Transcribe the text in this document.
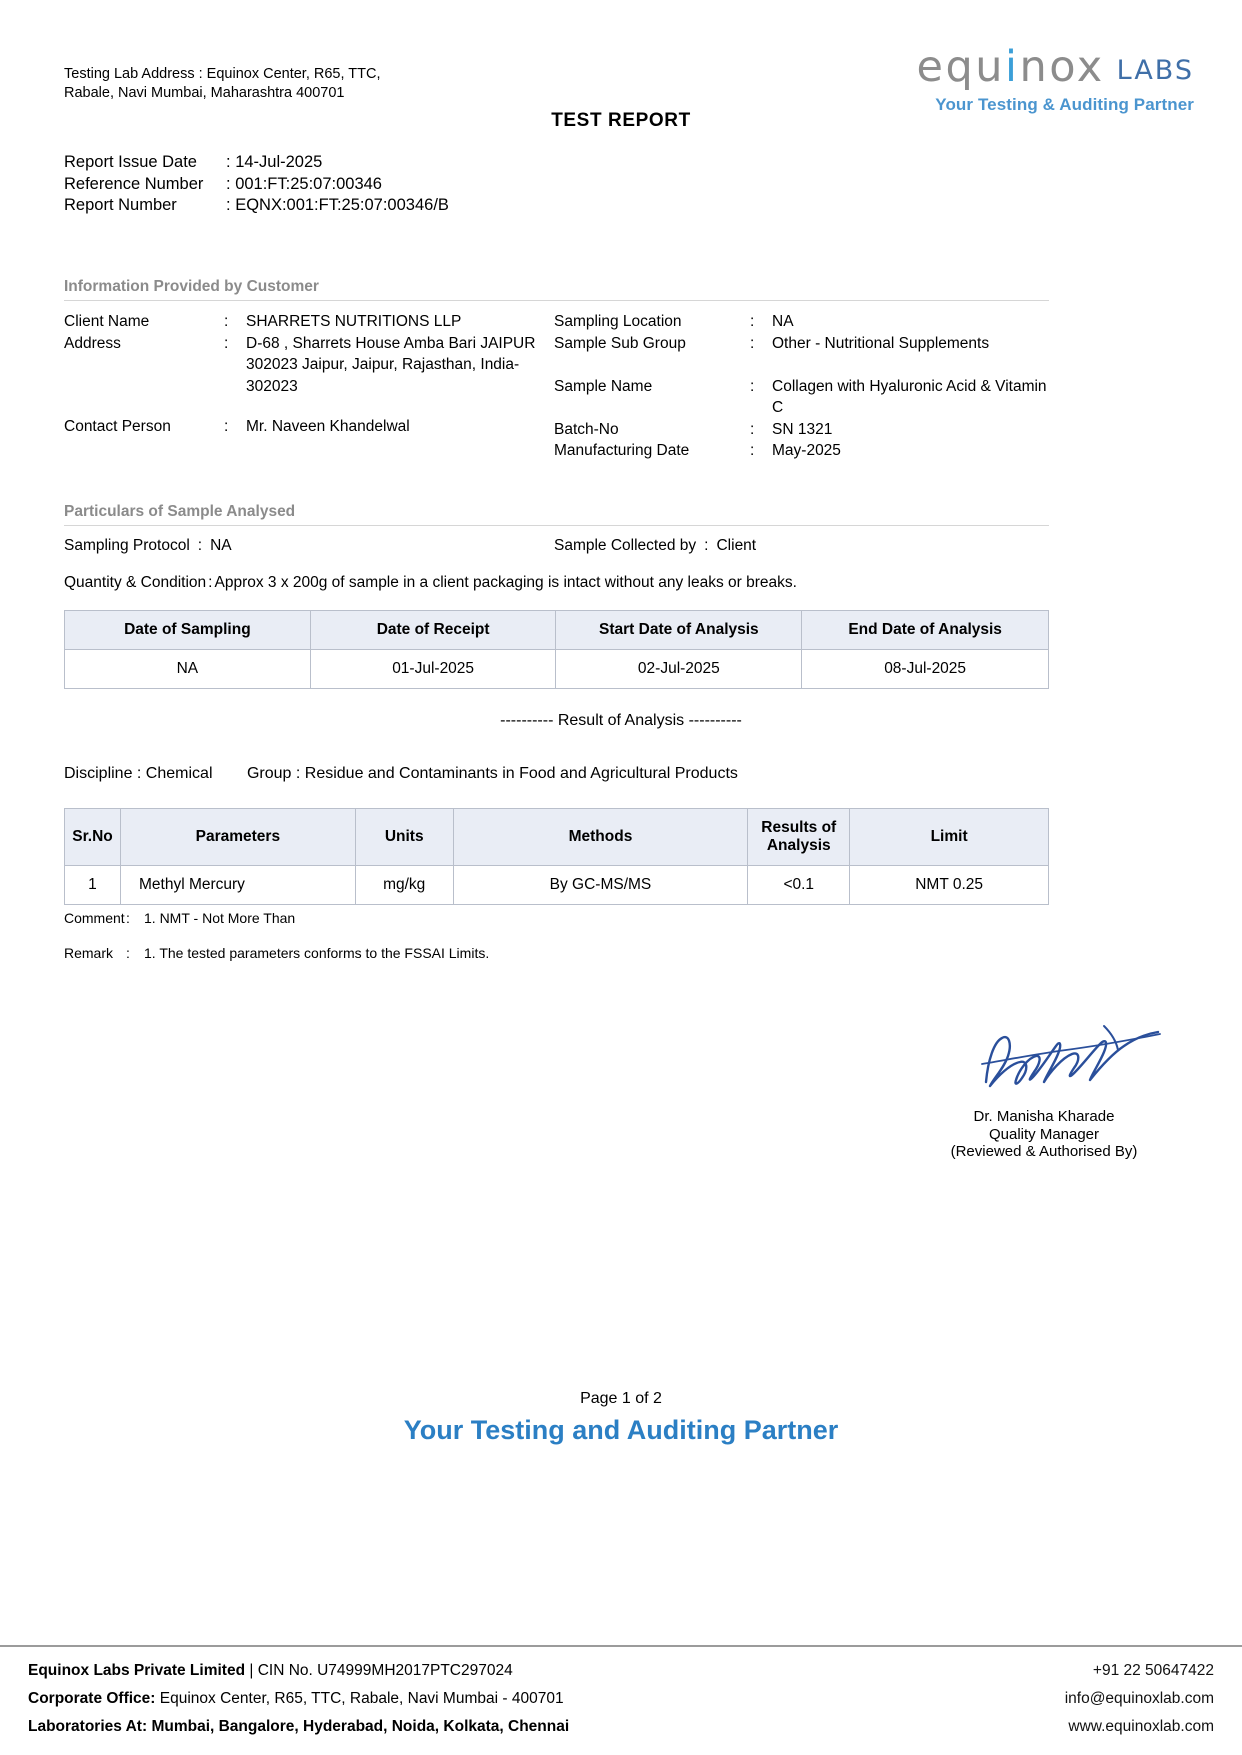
Testing Lab Address : Equinox Center, R65, TTC, Rabale, Navi Mumbai, Maharashtra 400701
equinox LABS
Your Testing & Auditing Partner
TEST REPORT
Report Issue Date	: 14-Jul-2025
Reference Number	: 001:FT:25:07:00346
Report Number	: EQNX:001:FT:25:07:00346/B
Information Provided by Customer
Client Name	:	SHARRETS NUTRITIONS LLP
Address	:	D-68 , Sharrets House Amba Bari JAIPUR 302023 Jaipur, Jaipur, Rajasthan, India-302023
Contact Person	:	Mr. Naveen Khandelwal
Sampling Location	:	NA
Sample Sub Group	:	Other - Nutritional Supplements
Sample Name	:	Collagen with Hyaluronic Acid & Vitamin C
Batch-No	:	SN 1321
Manufacturing Date	:	May-2025
Particulars of Sample Analysed
Sampling Protocol : NA	Sample Collected by : Client
Quantity & Condition : Approx 3 x 200g of sample in a client packaging is intact without any leaks or breaks.
Date of Sampling	Date of Receipt	Start Date of Analysis	End Date of Analysis
NA	01-Jul-2025	02-Jul-2025	08-Jul-2025
---------- Result of Analysis ----------
Discipline : Chemical Group : Residue and Contaminants in Food and Agricultural Products
Sr.No	Parameters	Units	Methods	Results of Analysis	Limit
1	Methyl Mercury	mg/kg	By GC-MS/MS	<0.1	NMT 0.25
Comment :	1. NMT - Not More Than
Remark :	1. The tested parameters conforms to the FSSAI Limits.
Dr. Manisha Kharade
Quality Manager
(Reviewed & Authorised By)
Page 1 of 2
Your Testing and Auditing Partner
Equinox Labs Private Limited | CIN No. U74999MH2017PTC297024	+91 22 50647422
Corporate Office: Equinox Center, R65, TTC, Rabale, Navi Mumbai - 400701	info@equinoxlab.com
Laboratories At: Mumbai, Bangalore, Hyderabad, Noida, Kolkata, Chennai	www.equinoxlab.com
